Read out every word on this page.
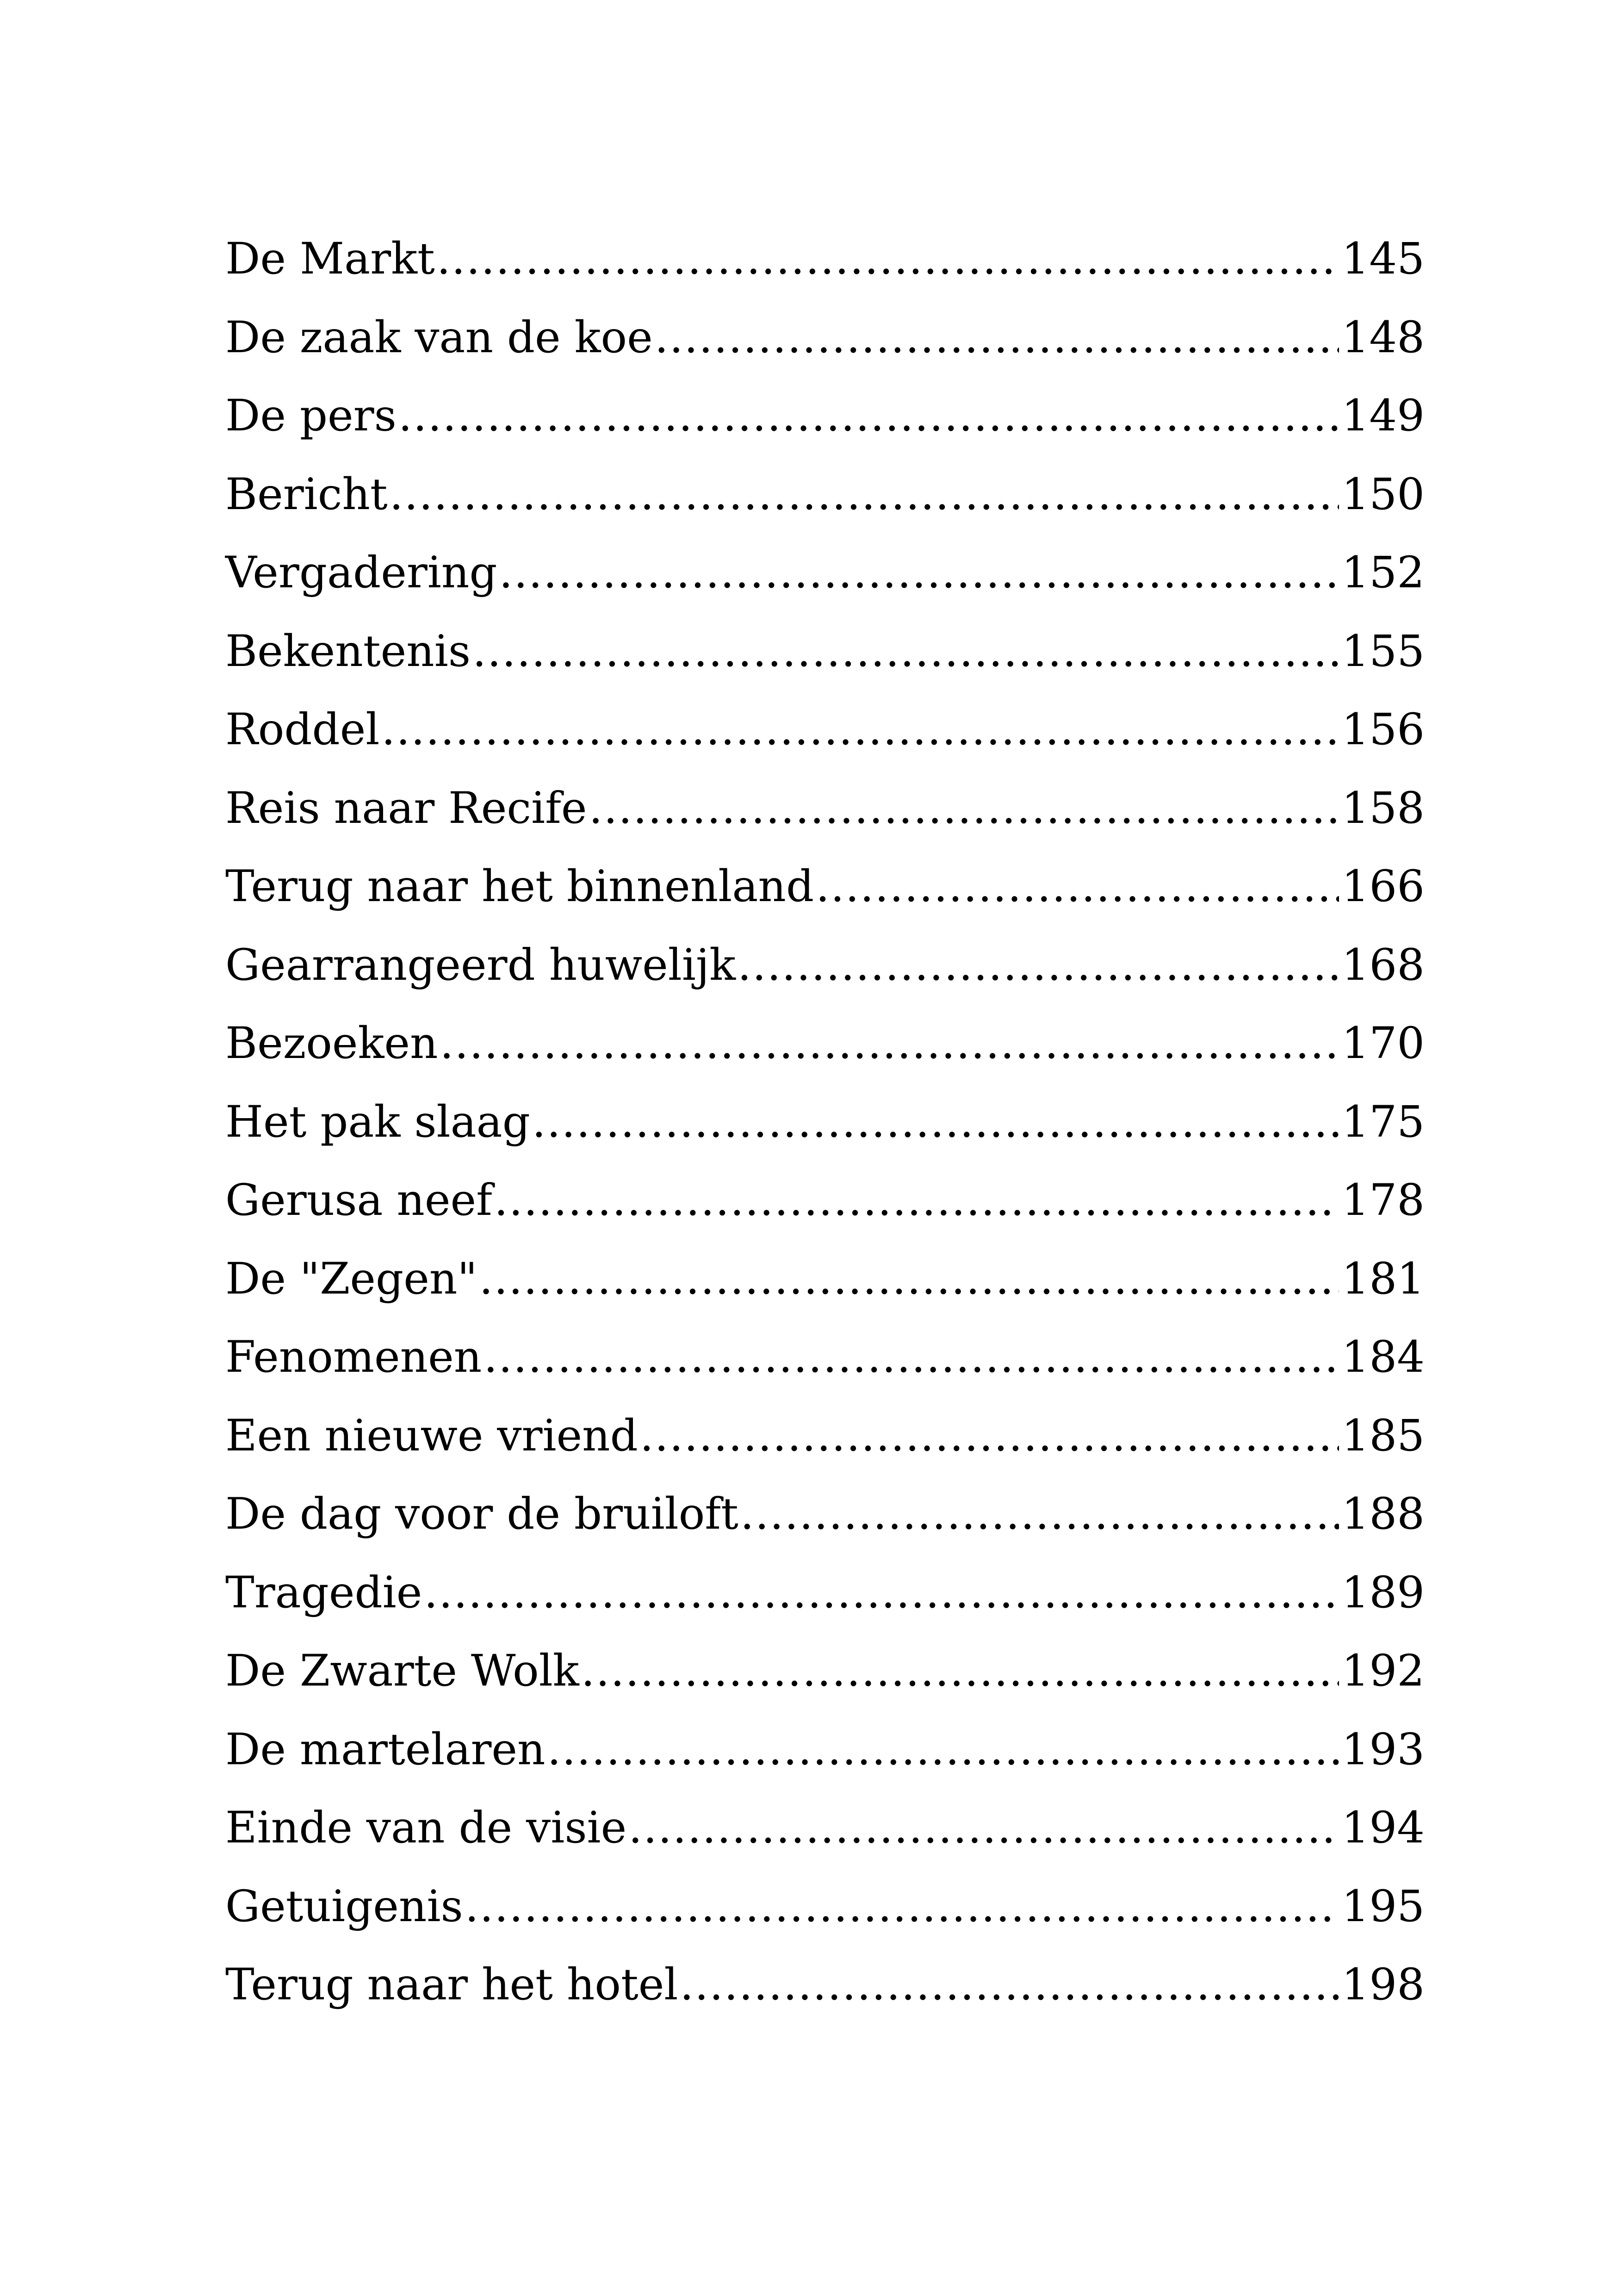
De Markt .....	145
De zaak van de koe .....	148
De pers .....	149
Bericht .....	150
Vergadering .....	152
Bekentenis .....	155
Roddel .....	156
Reis naar Recife .....	158
Terug naar het binnenland .....	166
Gearrangeerd huwelijk .....	168
Bezoeken .....	170
Het pak slaag .....	175
Gerusa neef .....	178
De "Zegen" .....	181
Fenomenen .....	184
Een nieuwe vriend .....	185
De dag voor de bruiloft .....	188
Tragedie .....	189
De Zwarte Wolk .....	192
De martelaren .....	193
Einde van de visie .....	194
Getuigenis .....	195
Terug naar het hotel .....	198
